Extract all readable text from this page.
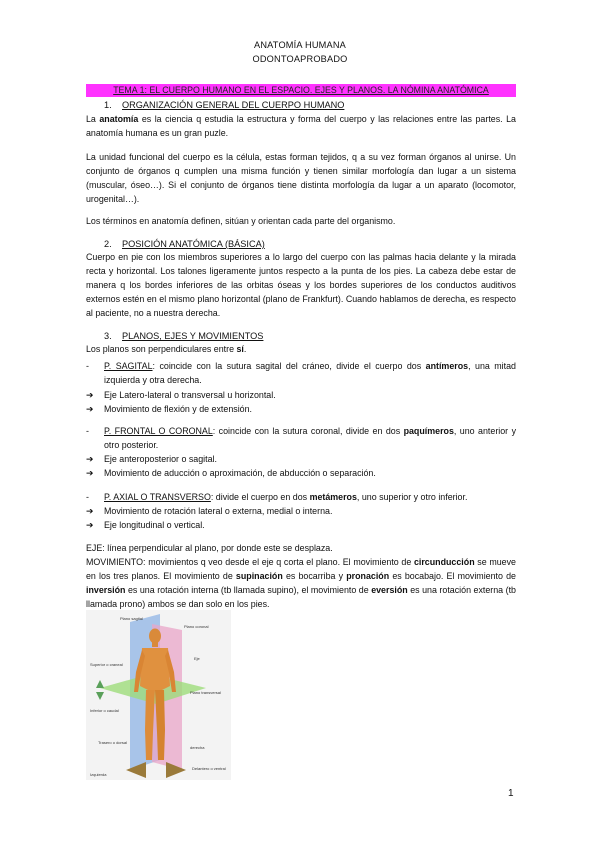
ANATOMÍA HUMANA
ODONTOAPROBADO
TEMA 1: EL CUERPO HUMANO EN EL ESPACIO. EJES Y PLANOS. LA NÓMINA ANATÓMICA
1. ORGANIZACIÓN GENERAL DEL CUERPO HUMANO
La anatomía es la ciencia q estudia la estructura y forma del cuerpo y las relaciones entre las partes. La anatomía humana es un gran puzle.
La unidad funcional del cuerpo es la célula, estas forman tejidos, q a su vez forman órganos al unirse. Un conjunto de órganos q cumplen una misma función y tienen similar morfología dan lugar a un sistema (muscular, óseo…). Si el conjunto de órganos tiene distinta morfología da lugar a un aparato (locomotor, urogenital…).
Los términos en anatomía definen, sitúan y orientan cada parte del organismo.
2. POSICIÓN ANATÓMICA (BÁSICA)
Cuerpo en pie con los miembros superiores a lo largo del cuerpo con las palmas hacia delante y la mirada recta y horizontal. Los talones ligeramente juntos respecto a la punta de los pies. La cabeza debe estar de manera q los bordes inferiores de las orbitas óseas y los bordes superiores de los conductos auditivos externos estén en el mismo plano horizontal (plano de Frankfurt). Cuando hablamos de derecha, es respecto al paciente, no a nuestra derecha.
3. PLANOS, EJES Y MOVIMIENTOS
Los planos son perpendiculares entre sí.
-	P. SAGITAL: coincide con la sutura sagital del cráneo, divide el cuerpo dos antímeros, una mitad izquierda y otra derecha.
➔	Eje Latero-lateral o transversal u horizontal.
➔	Movimiento de flexión y de extensión.
-	P. FRONTAL O CORONAL: coincide con la sutura coronal, divide en dos paquímeros, uno anterior y otro posterior.
➔	Eje anteroposterior o sagital.
➔	Movimiento de aducción o aproximación, de abducción o separación.
-	P. AXIAL O TRANSVERSO: divide el cuerpo en dos metámeros, uno superior y otro inferior.
➔	Movimiento de rotación lateral o externa, medial o interna.
➔	Eje longitudinal o vertical.
EJE: línea perpendicular al plano, por donde este se desplaza.
MOVIMIENTO: movimientos q veo desde el eje q corta el plano. El movimiento de circunducción se mueve en los tres planos. El movimiento de supinación es bocarriba y pronación es bocabajo. El movimiento de inversión es una rotación interna (tb llamada supino), el movimiento de eversión es una rotación externa (tb llamada prono) ambos se dan solo en los pies.
Plano sagital
Plano coronal
Superior o craneal
Inferior o caudal
Plano transversal
derecha
Izquierda
Trasero o dorsal
Delantero o ventral
Eje
1
